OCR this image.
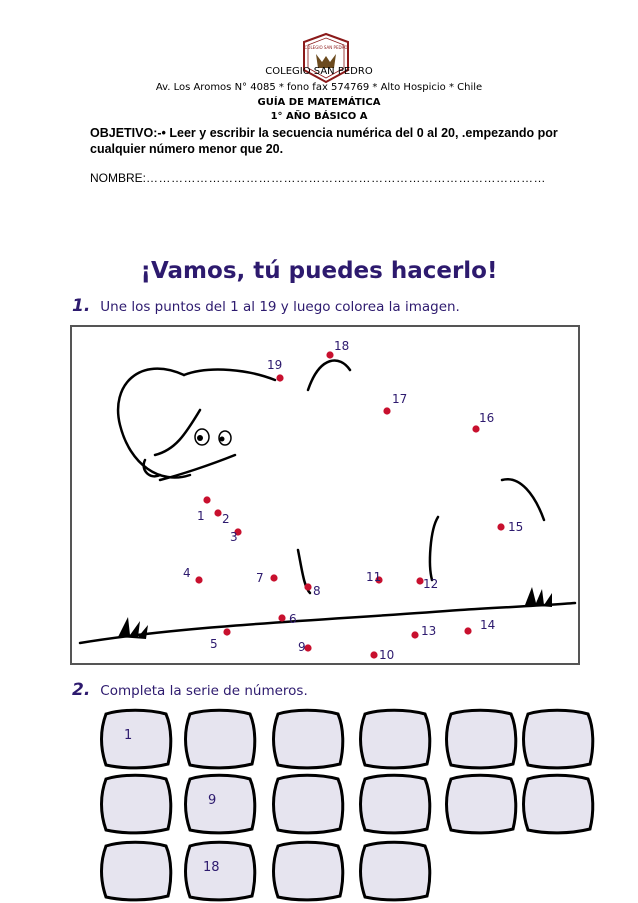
COLEGIO SAN PEDRO
COLEGIO SAN PEDRO
Av. Los Aromos N° 4085 * fono fax 574769 * Alto Hospicio * Chile
GUÍA DE MATEMÁTICA
1° AÑO BÁSICO A
OBJETIVO:-• Leer y escribir la secuencia numérica del 0 al 20, .empezando por cualquier número menor que 20.
NOMBRE:……………………………………………………………………………………
¡Vamos, tú puedes hacerlo!
1. Une los puntos del 1 al 19 y luego colorea la imagen.
1 2
3
4
5
6
7
8
9
10
11	12
13	14
15
16
17
18
19
2. Completa la serie de números.
1
9
18
